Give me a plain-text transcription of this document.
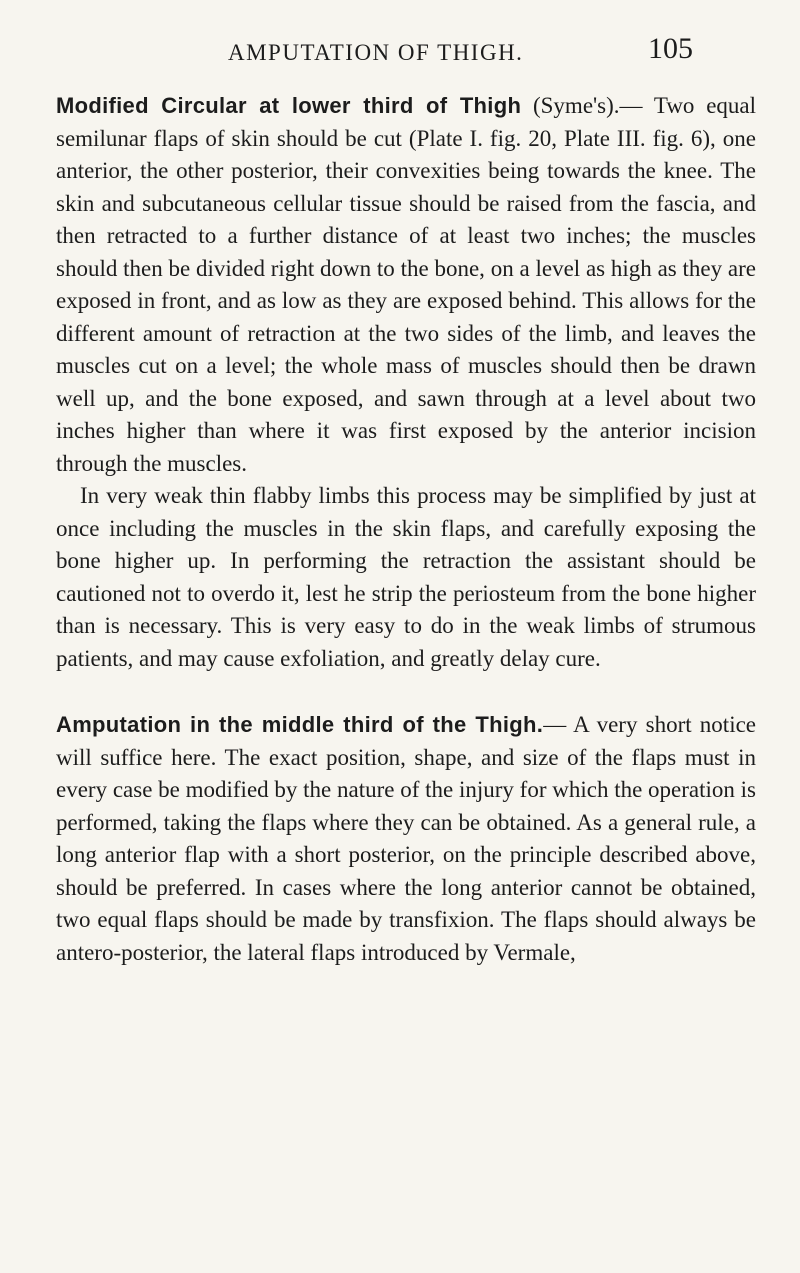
AMPUTATION OF THIGH.	105

Modified Circular at lower third of Thigh (Syme's).— Two equal semilunar flaps of skin should be cut (Plate I. fig. 20, Plate III. fig. 6), one anterior, the other posterior, their convexities being towards the knee. The skin and subcutaneous cellular tissue should be raised from the fascia, and then retracted to a further distance of at least two inches; the muscles should then be divided right down to the bone, on a level as high as they are exposed in front, and as low as they are exposed behind. This allows for the different amount of retraction at the two sides of the limb, and leaves the muscles cut on a level; the whole mass of muscles should then be drawn well up, and the bone exposed, and sawn through at a level about two inches higher than where it was first exposed by the anterior incision through the muscles.

In very weak thin flabby limbs this process may be simplified by just at once including the muscles in the skin flaps, and carefully exposing the bone higher up. In performing the retraction the assistant should be cautioned not to overdo it, lest he strip the periosteum from the bone higher than is necessary. This is very easy to do in the weak limbs of strumous patients, and may cause exfoliation, and greatly delay cure.

Amputation in the middle third of the Thigh.— A very short notice will suffice here. The exact position, shape, and size of the flaps must in every case be modified by the nature of the injury for which the operation is performed, taking the flaps where they can be obtained. As a general rule, a long anterior flap with a short posterior, on the principle described above, should be preferred. In cases where the long anterior cannot be obtained, two equal flaps should be made by transfixion. The flaps should always be antero-posterior, the lateral flaps introduced by Vermale,
